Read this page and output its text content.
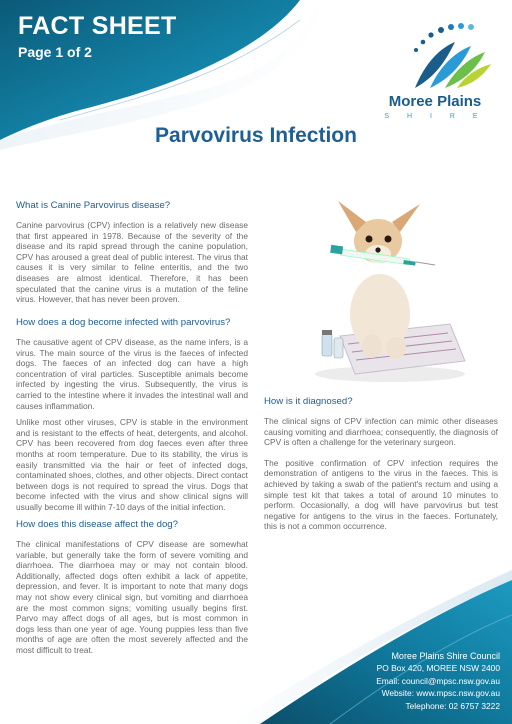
FACT SHEET
Page 1 of 2
Moree Plains
S H I R E
Parvovirus Infection
What is Canine Parvovirus disease?

Canine parvovirus (CPV) infection is a relatively new disease that first appeared in 1978. Because of the severity of the disease and its rapid spread through the canine population, CPV has aroused a great deal of public interest. The virus that causes it is very similar to feline enteritis, and the two diseases are almost identical. Therefore, it has been speculated that the canine virus is a mutation of the feline virus. However, that has never been proven.

How does a dog become infected with parvovirus?

The causative agent of CPV disease, as the name infers, is a virus. The main source of the virus is the faeces of infected dogs. The faeces of an infected dog can have a high concentration of viral particles. Susceptible animals become infected by ingesting the virus. Subsequently, the virus is carried to the intestine where it invades the intestinal wall and causes inflammation.

Unlike most other viruses, CPV is stable in the environment and is resistant to the effects of heat, detergents, and alcohol. CPV has been recovered from dog faeces even after three months at room temperature. Due to its stability, the virus is easily transmitted via the hair or feet of infected dogs, contaminated shoes, clothes, and other objects. Direct contact between dogs is not required to spread the virus. Dogs that become infected with the virus and show clinical signs will usually become ill within 7-10 days of the initial infection.

How does this disease affect the dog?

The clinical manifestations of CPV disease are somewhat variable, but generally take the form of severe vomiting and diarrhoea. The diarrhoea may or may not contain blood. Additionally, affected dogs often exhibit a lack of appetite, depression, and fever. It is important to note that many dogs may not show every clinical sign, but vomiting and diarrhoea are the most common signs; vomiting usually begins first. Parvo may affect dogs of all ages, but is most common in dogs less than one year of age. Young puppies less than five months of age are often the most severely affected and the most difficult to treat.

How is it diagnosed?

The clinical signs of CPV infection can mimic other diseases causing vomiting and diarrhoea; consequently, the diagnosis of CPV is often a challenge for the veterinary surgeon.

The positive confirmation of CPV infection requires the demonstration of antigens to the virus in the faeces. This is achieved by taking a swab of the patient's rectum and using a simple test kit that takes a total of around 10 minutes to perform. Occasionally, a dog will have parvovirus but test negative for antigens to the virus in the faeces. Fortunately, this is not a common occurrence.

Moree Plains Shire Council
PO Box 420, MOREE NSW 2400
Email: council@mpsc.nsw.gov.au
Website: www.mpsc.nsw.gov.au
Telephone: 02 6757 3222
